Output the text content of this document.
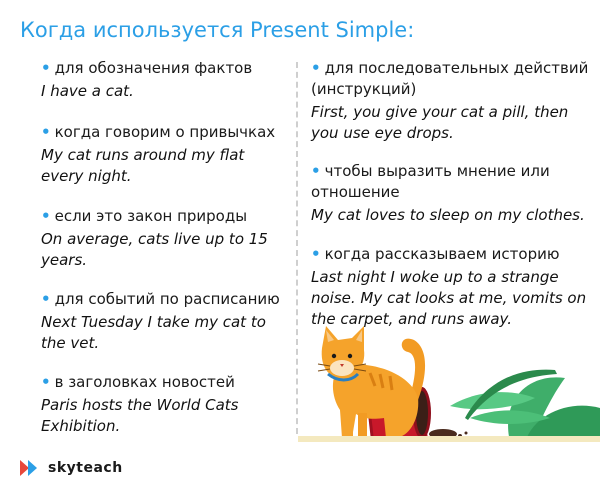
Когда используется Present Simple:
• для обозначения фактов
I have a cat.
• когда говорим о привычках
My cat runs around my flat every night.
• если это закон природы
On average, cats live up to 15 years.
• для событий по расписанию
Next Tuesday I take my cat to the vet.
• в заголовках новостей
Paris hosts the World Cats Exhibition.
• для последовательных действий (инструкций)
First, you give your cat a pill, then you use eye drops.
• чтобы выразить мнение или отношение
My cat loves to sleep on my clothes.
• когда рассказываем историю
Last night I woke up to a strange noise. My cat looks at me, vomits on the carpet, and runs away.
skyteach
